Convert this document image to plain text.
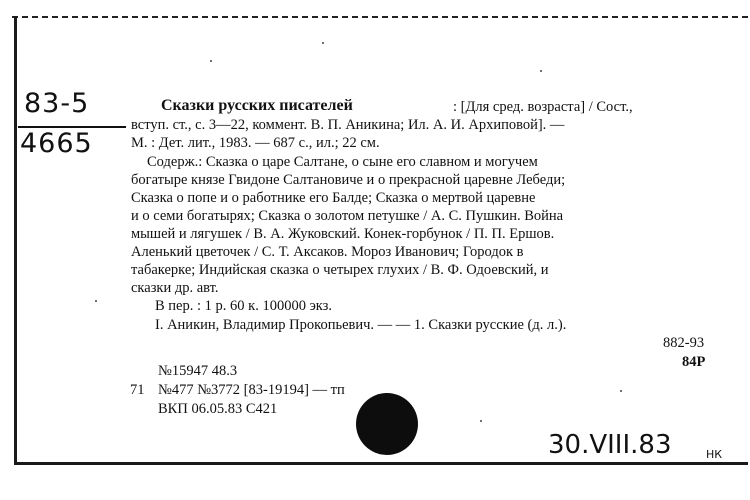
83-5
4665
Сказки русских писателей	: [Для сред. возраста] / Сост.,
вступ. ст., с. 3—22, коммент. В. П. Аникина; Ил. А. И. Архиповой]. —
М. : Дет. лит., 1983. — 687 с., ил.; 22 см.
Содерж.: Сказка о царе Салтане, о сыне его славном и могучем
богатыре князе Гвидоне Салтановиче и о прекрасной царевне Лебеди;
Сказка о попе и о работнике его Балде; Сказка о мертвой царевне
и о семи богатырях; Сказка о золотом петушке / А. С. Пушкин. Война
мышей и лягушек / В. А. Жуковский. Конек-горбунок / П. П. Ершов.
Аленький цветочек / С. Т. Аксаков. Мороз Иванович; Городок в
табакерке; Индийская сказка о четырех глухих / В. Ф. Одоевский, и
сказки др. авт.
В пер. : 1 р. 60 к. 100000 экз.
I. Аникин, Владимир Прокопьевич. — — 1. Сказки русские (д. л.).
882-93
84Р
№15947 48.3
71 №477 №3772 [83-19194] — тп
ВКП 06.05.83 С421
30.VIII.83	НК
